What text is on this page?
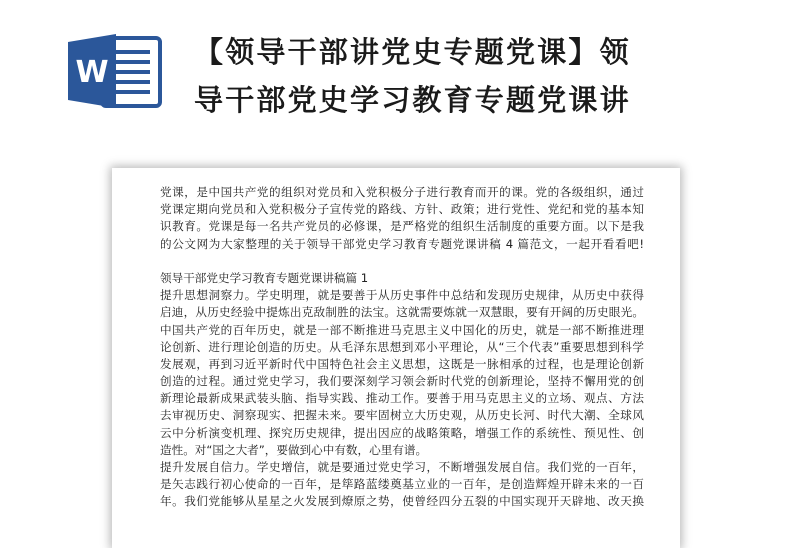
W
【领导干部讲党史专题党课】领
导干部党史学习教育专题党课讲
党课，是中国共产党的组织对党员和入党积极分子进行教育而开的课。党的各级组织，通过
党课定期向党员和入党积极分子宣传党的路线、方针、政策；进行党性、党纪和党的基本知
识教育。党课是每一名共产党员的必修课，是严格党的组织生活制度的重要方面。以下是我
的公文网为大家整理的关于领导干部党史学习教育专题党课讲稿 4 篇范文，一起开看看吧!
领导干部党史学习教育专题党课讲稿篇 1
提升思想洞察力。学史明理，就是要善于从历史事件中总结和发现历史规律，从历史中获得
启迪，从历史经验中提炼出克敌制胜的法宝。这就需要炼就一双慧眼，要有开阔的历史眼光。
中国共产党的百年历史，就是一部不断推进马克思主义中国化的历史，就是一部不断推进理
论创新、进行理论创造的历史。从毛泽东思想到邓小平理论，从“三个代表”重要思想到科学
发展观，再到习近平新时代中国特色社会主义思想，这既是一脉相承的过程，也是理论创新
创造的过程。通过党史学习，我们要深刻学习领会新时代党的创新理论，坚持不懈用党的创
新理论最新成果武装头脑、指导实践、推动工作。要善于用马克思主义的立场、观点、方法
去审视历史、洞察现实、把握未来。要牢固树立大历史观，从历史长河、时代大潮、全球风
云中分析演变机理、探究历史规律，提出因应的战略策略，增强工作的系统性、预见性、创
造性。对“国之大者”，要做到心中有数，心里有谱。
提升发展自信力。学史增信，就是要通过党史学习，不断增强发展自信。我们党的一百年，
是矢志践行初心使命的一百年，是筚路蓝缕奠基立业的一百年，是创造辉煌开辟未来的一百
年。我们党能够从星星之火发展到燎原之势，使曾经四分五裂的中国实现开天辟地、改天换
